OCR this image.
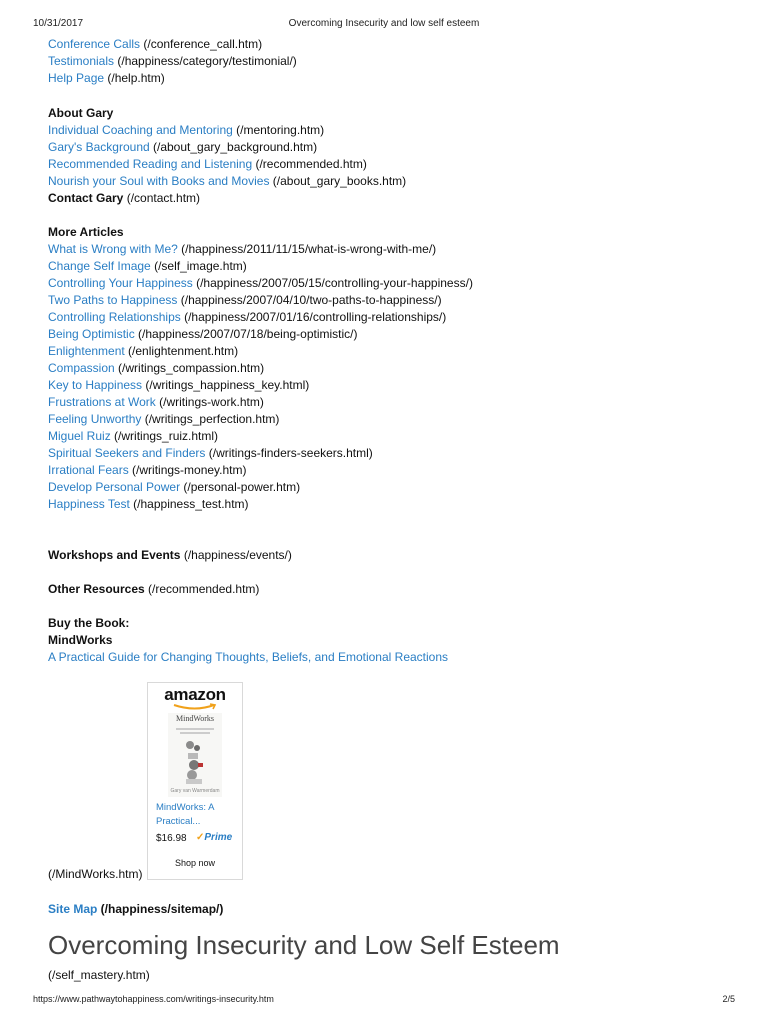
10/31/2017	Overcoming Insecurity and low self esteem
Conference Calls (/conference_call.htm)
Testimonials (/happiness/category/testimonial/)
Help Page (/help.htm)
About Gary
Individual Coaching and Mentoring (/mentoring.htm)
Gary's Background (/about_gary_background.htm)
Recommended Reading and Listening (/recommended.htm)
Nourish your Soul with Books and Movies (/about_gary_books.htm)
Contact Gary (/contact.htm)
More Articles
What is Wrong with Me? (/happiness/2011/11/15/what-is-wrong-with-me/)
Change Self Image (/self_image.htm)
Controlling Your Happiness (/happiness/2007/05/15/controlling-your-happiness/)
Two Paths to Happiness (/happiness/2007/04/10/two-paths-to-happiness/)
Controlling Relationships (/happiness/2007/01/16/controlling-relationships/)
Being Optimistic (/happiness/2007/07/18/being-optimistic/)
Enlightenment (/enlightenment.htm)
Compassion (/writings_compassion.htm)
Key to Happiness (/writings_happiness_key.html)
Frustrations at Work (/writings-work.htm)
Feeling Unworthy (/writings_perfection.htm)
Miguel Ruiz (/writings_ruiz.html)
Spiritual Seekers and Finders (/writings-finders-seekers.html)
Irrational Fears (/writings-money.htm)
Develop Personal Power (/personal-power.htm)
Happiness Test (/happiness_test.htm)
Workshops and Events (/happiness/events/)
Other Resources (/recommended.htm)
Buy the Book:
MindWorks
A Practical Guide for Changing Thoughts, Beliefs, and Emotional Reactions
amazon
MindWorks
Gary van Warmerdam
MindWorks: A Practical...
$16.98 ✓Prime
Shop now
(/MindWorks.htm)
Site Map (/happiness/sitemap/)
Overcoming Insecurity and Low Self Esteem
(/self_mastery.htm)
https://www.pathwaytohappiness.com/writings-insecurity.htm	2/5
